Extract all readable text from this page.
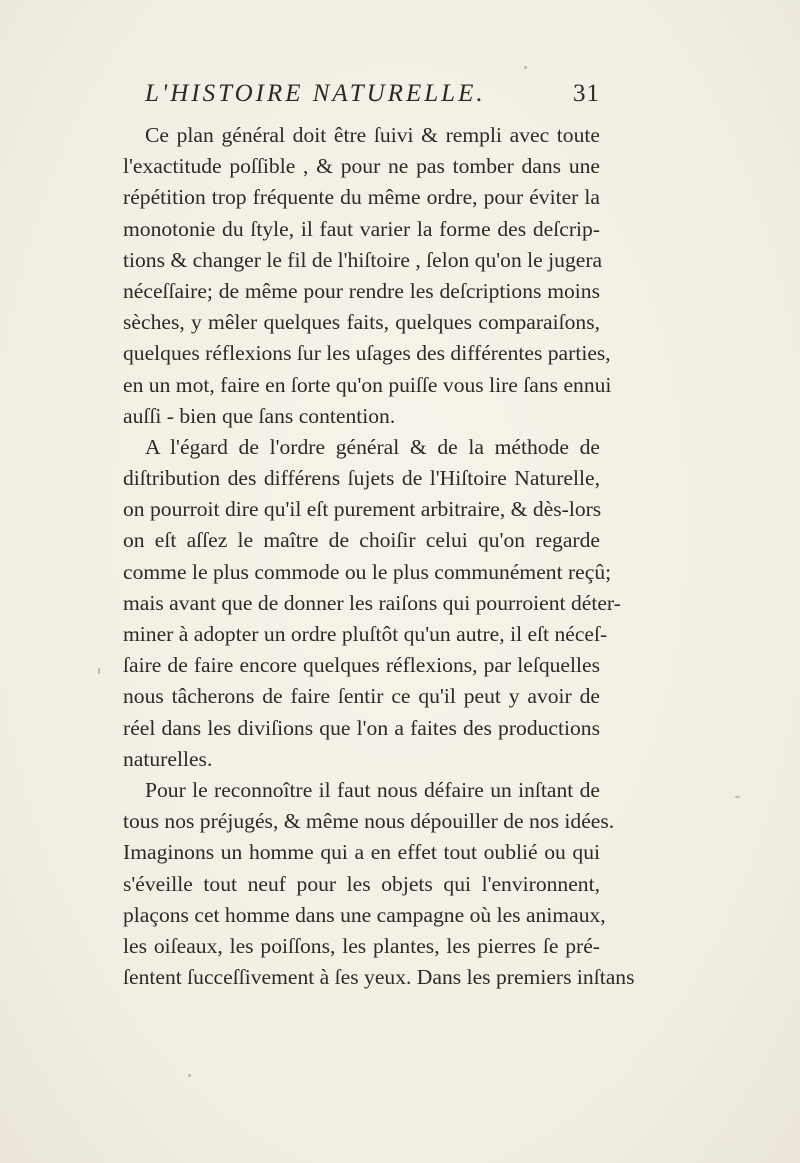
L'HISTOIRE NATURELLE.	31
Ce plan général doit être ſuivi & rempli avec toute
l'exactitude poſſible , & pour ne pas tomber dans une
répétition trop fréquente du même ordre, pour éviter la
monotonie du ſtyle, il faut varier la forme des deſcrip-
tions & changer le fil de l'hiſtoire , ſelon qu'on le jugera
néceſſaire; de même pour rendre les deſcriptions moins
sèches, y mêler quelques faits, quelques comparaiſons,
quelques réflexions ſur les uſages des différentes parties,
en un mot, faire en ſorte qu'on puiſſe vous lire ſans ennui
auſſi - bien que ſans contention.
A l'égard de l'ordre général & de la méthode de
diſtribution des différens ſujets de l'Hiſtoire Naturelle,
on pourroit dire qu'il eſt purement arbitraire, & dès-lors
on eſt aſſez le maître de choiſir celui qu'on regarde
comme le plus commode ou le plus communément reçû;
mais avant que de donner les raiſons qui pourroient déter-
miner à adopter un ordre pluſtôt qu'un autre, il eſt néceſ-
ſaire de faire encore quelques réflexions, par leſquelles
nous tâcherons de faire ſentir ce qu'il peut y avoir de
réel dans les diviſions que l'on a faites des productions
naturelles.
Pour le reconnoître il faut nous défaire un inſtant de
tous nos préjugés, & même nous dépouiller de nos idées.
Imaginons un homme qui a en effet tout oublié ou qui
s'éveille tout neuf pour les objets qui l'environnent,
plaçons cet homme dans une campagne où les animaux,
les oiſeaux, les poiſſons, les plantes, les pierres ſe pré-
ſentent ſucceſſivement à ſes yeux. Dans les premiers inſtans
